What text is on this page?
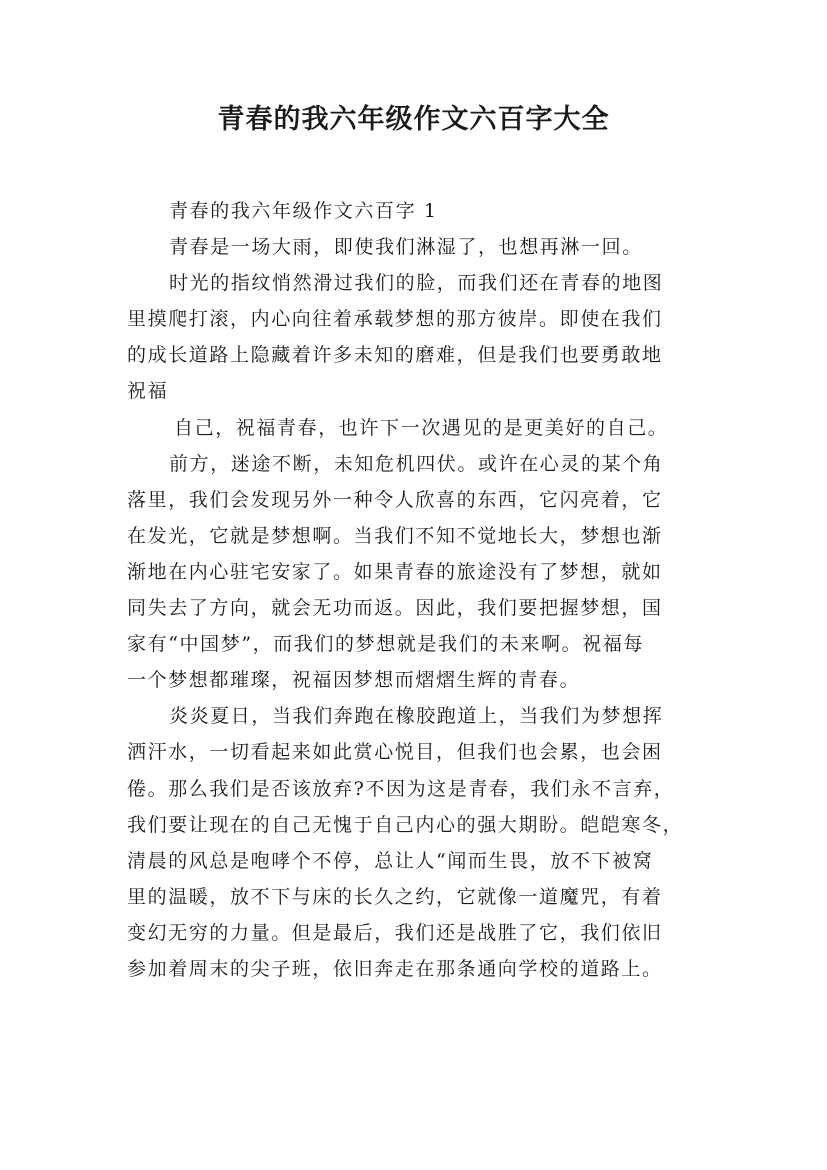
青春的我六年级作文六百字大全
青春的我六年级作文六百字 1
青春是一场大雨，即使我们淋湿了，也想再淋一回。
时光的指纹悄然滑过我们的脸，而我们还在青春的地图
里摸爬打滚，内心向往着承载梦想的那方彼岸。即使在我们
的成长道路上隐藏着许多未知的磨难，但是我们也要勇敢地
祝福
自己，祝福青春，也许下一次遇见的是更美好的自己。
前方，迷途不断，未知危机四伏。或许在心灵的某个角
落里，我们会发现另外一种令人欣喜的东西，它闪亮着，它
在发光，它就是梦想啊。当我们不知不觉地长大，梦想也渐
渐地在内心驻宅安家了。如果青春的旅途没有了梦想，就如
同失去了方向，就会无功而返。因此，我们要把握梦想，国
家有“中国梦”，而我们的梦想就是我们的未来啊。祝福每
一个梦想都璀璨，祝福因梦想而熠熠生辉的青春。
炎炎夏日，当我们奔跑在橡胶跑道上，当我们为梦想挥
洒汗水，一切看起来如此赏心悦目，但我们也会累，也会困
倦。那么我们是否该放弃?不因为这是青春，我们永不言弃，
我们要让现在的自己无愧于自己内心的强大期盼。皑皑寒冬，
清晨的风总是咆哮个不停，总让人“闻而生畏，放不下被窝
里的温暖，放不下与床的长久之约，它就像一道魔咒，有着
变幻无穷的力量。但是最后，我们还是战胜了它，我们依旧
参加着周末的尖子班，依旧奔走在那条通向学校的道路上。
